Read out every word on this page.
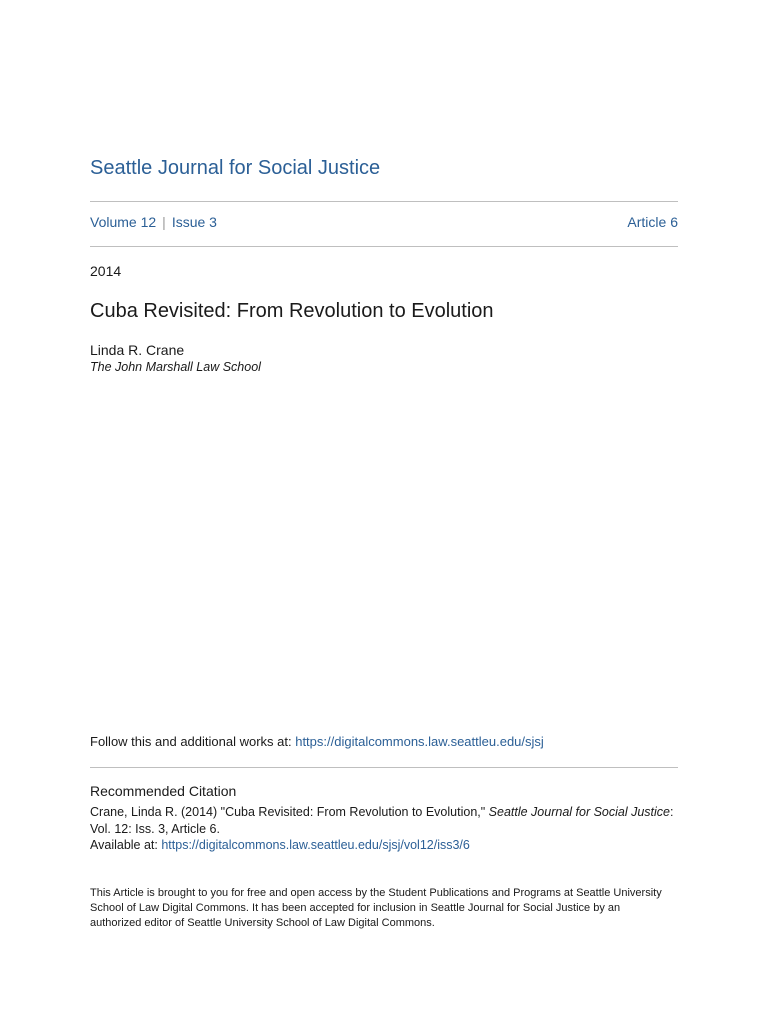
Seattle Journal for Social Justice
Volume 12 | Issue 3	Article 6
2014
Cuba Revisited: From Revolution to Evolution
Linda R. Crane
The John Marshall Law School
Follow this and additional works at: https://digitalcommons.law.seattleu.edu/sjsj
Recommended Citation
Crane, Linda R. (2014) "Cuba Revisited: From Revolution to Evolution," Seattle Journal for Social Justice: Vol. 12: Iss. 3, Article 6.
Available at: https://digitalcommons.law.seattleu.edu/sjsj/vol12/iss3/6

This Article is brought to you for free and open access by the Student Publications and Programs at Seattle University School of Law Digital Commons. It has been accepted for inclusion in Seattle Journal for Social Justice by an authorized editor of Seattle University School of Law Digital Commons.
